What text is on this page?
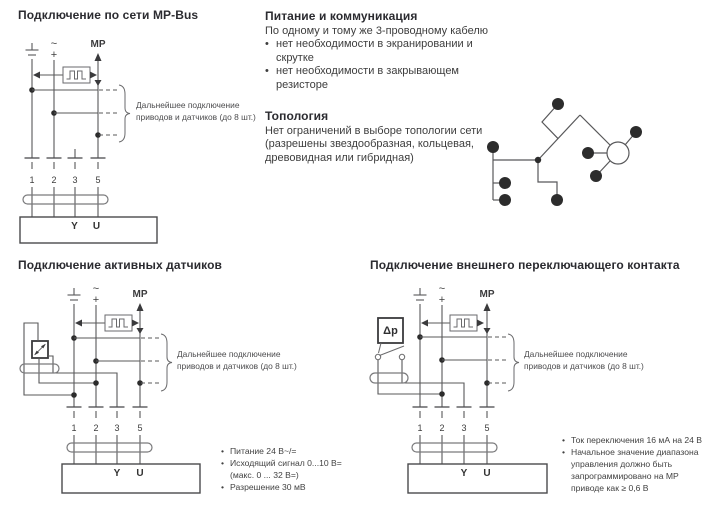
Подключение по сети MP-Bus
~
+
MP
Дальнейшее подключение
приводов и датчиков (до 8 шт.)
1 2 3 5
Y U
Питание и коммуникация
По одному и тому же 3-проводному кабелю
•
нет необходимости в экранировании и скрутке
•
нет необходимости в закрывающем резисторе
Топология
Нет ограничений в выборе топологии сети (разрешены звездообразная, кольцевая, древовидная или гибридная)
Подключение активных датчиков
~
+	MP
Дальнейшее подключение
приводов и датчиков (до 8 шт.)
1 2 3 5
Y U
•
Питание 24 В~/=
•
Исходящий сигнал 0...10 В=
(макс. 0 ... 32 В=)
•
Разрешение 30 мВ
Подключение внешнего переключающего контакта
~
+	MP
Дальнейшее подключение
приводов и датчиков (до 8 шт.)
Δp
1 2 3 5
Y U
•
Ток переключения 16 мА на 24 В
•
Начальное значение диапазона управления должно быть запрограммировано на MP приводе как ≥ 0,6 В
